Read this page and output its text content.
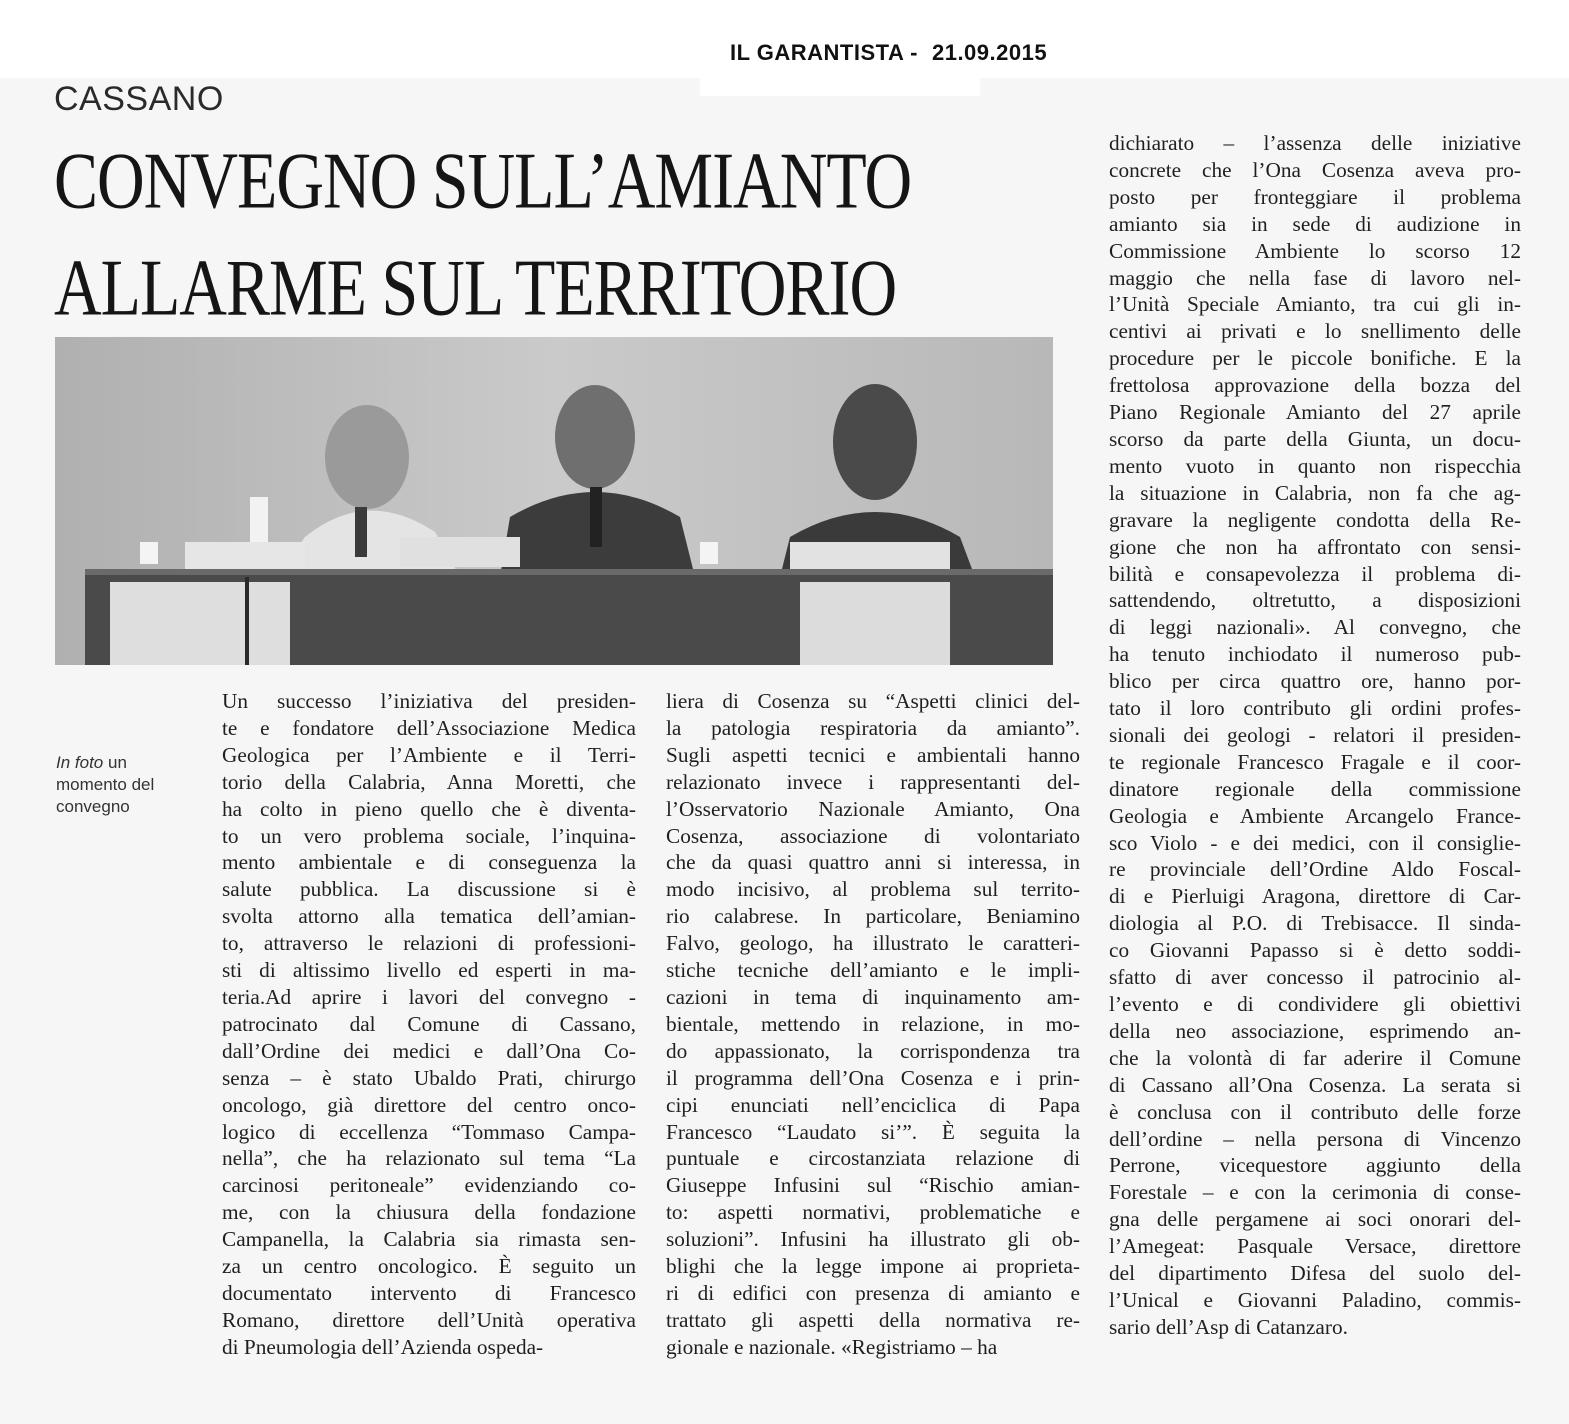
IL GARANTISTA - 21.09.2015
CASSANO
CONVEGNO SULL’AMIANTO
ALLARME SUL TERRITORIO
In foto un momento del convegno
Un successo l’iniziativa del presiden-
te e fondatore dell’Associazione Medica
Geologica per l’Ambiente e il Terri-
torio della Calabria, Anna Moretti, che
ha colto in pieno quello che è diventa-
to un vero problema sociale, l’inquina-
mento ambientale e di conseguenza la
salute pubblica. La discussione si è
svolta attorno alla tematica dell’amian-
to, attraverso le relazioni di professioni-
sti di altissimo livello ed esperti in ma-
teria.Ad aprire i lavori del convegno -
patrocinato dal Comune di Cassano,
dall’Ordine dei medici e dall’Ona Co-
senza – è stato Ubaldo Prati, chirurgo
oncologo, già direttore del centro onco-
logico di eccellenza “Tommaso Campa-
nella”, che ha relazionato sul tema “La
carcinosi peritoneale” evidenziando co-
me, con la chiusura della fondazione
Campanella, la Calabria sia rimasta sen-
za un centro oncologico. È seguito un
documentato intervento di Francesco
Romano, direttore dell’Unità operativa
di Pneumologia dell’Azienda ospeda-
liera di Cosenza su “Aspetti clinici del-
la patologia respiratoria da amianto”.
Sugli aspetti tecnici e ambientali hanno
relazionato invece i rappresentanti del-
l’Osservatorio Nazionale Amianto, Ona
Cosenza, associazione di volontariato
che da quasi quattro anni si interessa, in
modo incisivo, al problema sul territo-
rio calabrese. In particolare, Beniamino
Falvo, geologo, ha illustrato le caratteri-
stiche tecniche dell’amianto e le impli-
cazioni in tema di inquinamento am-
bientale, mettendo in relazione, in mo-
do appassionato, la corrispondenza tra
il programma dell’Ona Cosenza e i prin-
cipi enunciati nell’enciclica di Papa
Francesco “Laudato si’”. È seguita la
puntuale e circostanziata relazione di
Giuseppe Infusini sul “Rischio amian-
to: aspetti normativi, problematiche e
soluzioni”. Infusini ha illustrato gli ob-
blighi che la legge impone ai proprieta-
ri di edifici con presenza di amianto e
trattato gli aspetti della normativa re-
gionale e nazionale. «Registriamo – ha
dichiarato – l’assenza delle iniziative
concrete che l’Ona Cosenza aveva pro-
posto per fronteggiare il problema
amianto sia in sede di audizione in
Commissione Ambiente lo scorso 12
maggio che nella fase di lavoro nel-
l’Unità Speciale Amianto, tra cui gli in-
centivi ai privati e lo snellimento delle
procedure per le piccole bonifiche. E la
frettolosa approvazione della bozza del
Piano Regionale Amianto del 27 aprile
scorso da parte della Giunta, un docu-
mento vuoto in quanto non rispecchia
la situazione in Calabria, non fa che ag-
gravare la negligente condotta della Re-
gione che non ha affrontato con sensi-
bilità e consapevolezza il problema di-
sattendendo, oltretutto, a disposizioni
di leggi nazionali». Al convegno, che
ha tenuto inchiodato il numeroso pub-
blico per circa quattro ore, hanno por-
tato il loro contributo gli ordini profes-
sionali dei geologi - relatori il presiden-
te regionale Francesco Fragale e il coor-
dinatore regionale della commissione
Geologia e Ambiente Arcangelo France-
sco Violo - e dei medici, con il consiglie-
re provinciale dell’Ordine Aldo Foscal-
di e Pierluigi Aragona, direttore di Car-
diologia al P.O. di Trebisacce. Il sinda-
co Giovanni Papasso si è detto soddi-
sfatto di aver concesso il patrocinio al-
l’evento e di condividere gli obiettivi
della neo associazione, esprimendo an-
che la volontà di far aderire il Comune
di Cassano all’Ona Cosenza. La serata si
è conclusa con il contributo delle forze
dell’ordine – nella persona di Vincenzo
Perrone, vicequestore aggiunto della
Forestale – e con la cerimonia di conse-
gna delle pergamene ai soci onorari del-
l’Amegeat: Pasquale Versace, direttore
del dipartimento Difesa del suolo del-
l’Unical e Giovanni Paladino, commis-
sario dell’Asp di Catanzaro.
